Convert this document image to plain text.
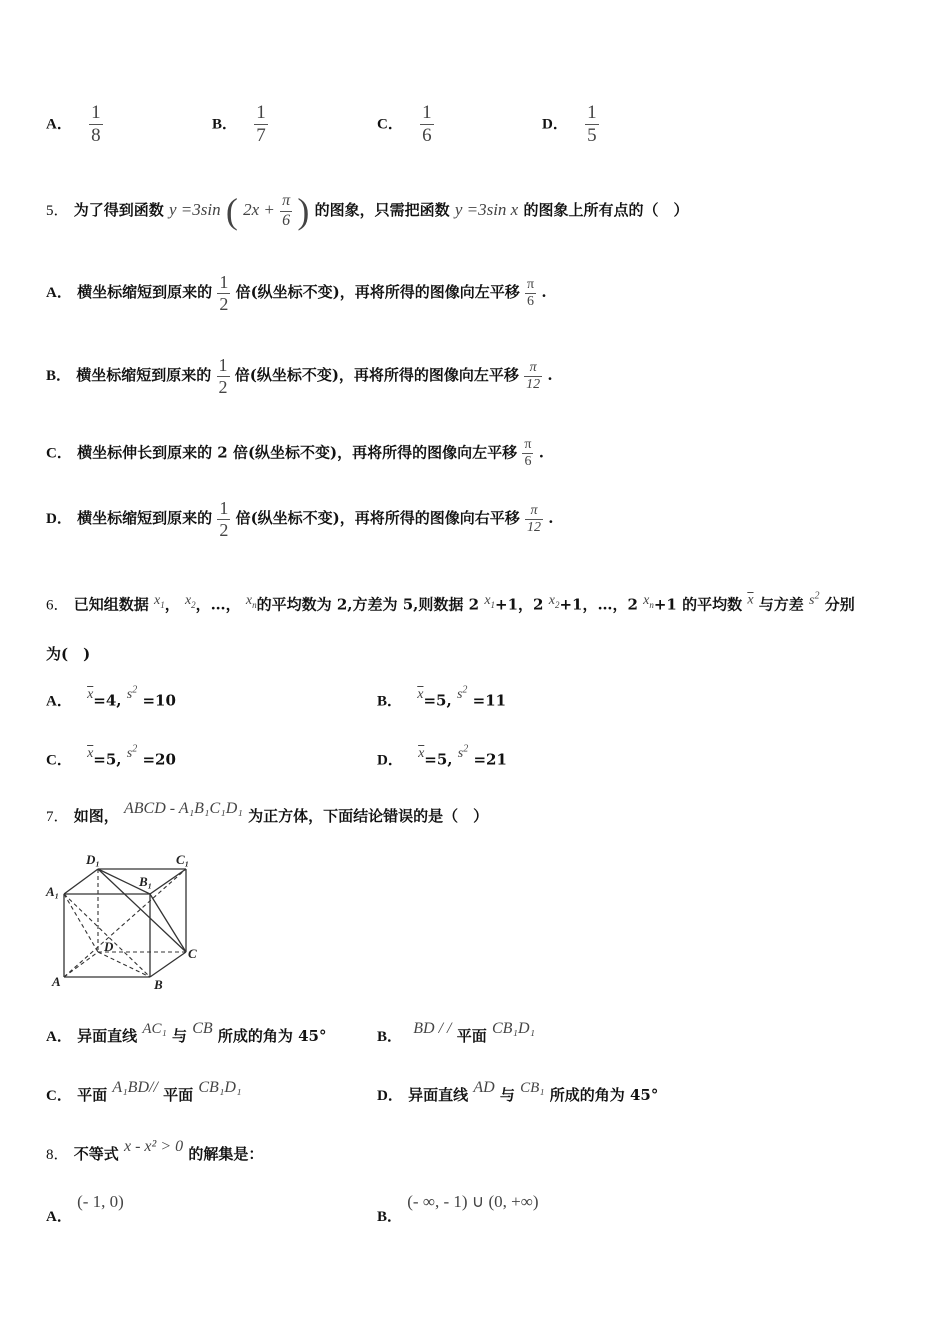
A． $\frac{1}{8}$	B． $\frac{1}{7}$	C． $\frac{1}{6}$	D． $\frac{1}{5}$
5． 为了得到函数 y =3sin ( $2x + \frac{\pi}{6}$ ) 的图象，只需把函数 y =3sin x 的图象上所有点的（　）
A． 横坐标缩短到原来的 $\frac{1}{2}$ 倍(纵坐标不变)，再将所得的图像向左平移 $\frac{\pi}{6}$ .
B． 横坐标缩短到原来的 $\frac{1}{2}$ 倍(纵坐标不变)，再将所得的图像向左平移 $\frac{\pi}{12}$ .
C． 横坐标伸长到原来的 2 倍(纵坐标不变)，再将所得的图像向左平移 $\frac{\pi}{6}$ .
D． 横坐标缩短到原来的 $\frac{1}{2}$ 倍(纵坐标不变)，再将所得的图像向右平移 $\frac{\pi}{12}$ .
6． 已知组数据 $x_1$， $x_2$，…， $x_n$的平均数为 2,方差为 5,则数据 2 $x_1+1$，2 $x_2+1$，…，2 $x_n+1$ 的平均数 $\overline{x}$ 与方差 $s^2$ 分别
为(　)
A． $\overline{x}=4$, $s^2 =10$	B． $\overline{x}=5$, $s^2 =11$
C． $\overline{x}=5$, $s^2 =20$	D． $\overline{x}=5$, $s^2 =21$
7． 如图， ABCD - A₁B₁C₁D₁ 为正方体，下面结论错误的是（　）
A₁
D₁	C₁
B₁
D	C
A	B
A． 异面直线 AC₁ 与 CB 所成的角为 45°	B． BD / / 平面 CB₁D₁
C． 平面 A₁BD// 平面 CB₁D₁	D． 异面直线 AD 与 CB₁ 所成的角为 45°
8． 不等式 x - x² > 0 的解集是：
A． (- 1, 0)
B． (- ∞, - 1) ∪ (0, +∞)
